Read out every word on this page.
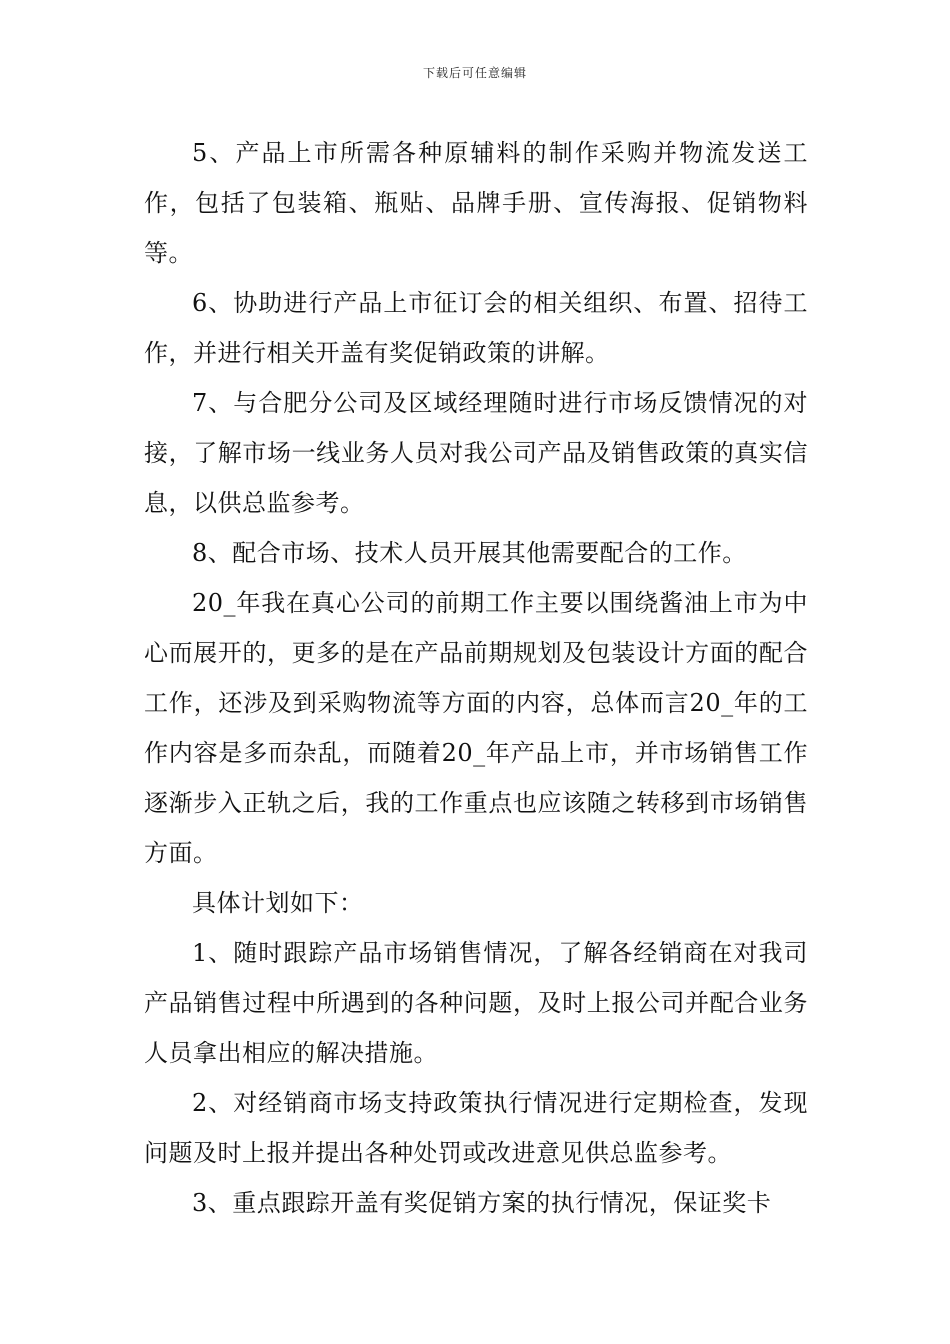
下载后可任意编辑

5、产品上市所需各种原辅料的制作采购并物流发送工作，包括了包装箱、瓶贴、品牌手册、宣传海报、促销物料等。

6、协助进行产品上市征订会的相关组织、布置、招待工作，并进行相关开盖有奖促销政策的讲解。

7、与合肥分公司及区域经理随时进行市场反馈情况的对接，了解市场一线业务人员对我公司产品及销售政策的真实信息，以供总监参考。

8、配合市场、技术人员开展其他需要配合的工作。

20_年我在真心公司的前期工作主要以围绕酱油上市为中心而展开的，更多的是在产品前期规划及包装设计方面的配合工作，还涉及到采购物流等方面的内容，总体而言20_年的工作内容是多而杂乱，而随着20_年产品上市，并市场销售工作逐渐步入正轨之后，我的工作重点也应该随之转移到市场销售方面。

具体计划如下：

1、随时跟踪产品市场销售情况，了解各经销商在对我司产品销售过程中所遇到的各种问题，及时上报公司并配合业务人员拿出相应的解决措施。

2、对经销商市场支持政策执行情况进行定期检查，发现问题及时上报并提出各种处罚或改进意见供总监参考。

3、重点跟踪开盖有奖促销方案的执行情况，保证奖卡
